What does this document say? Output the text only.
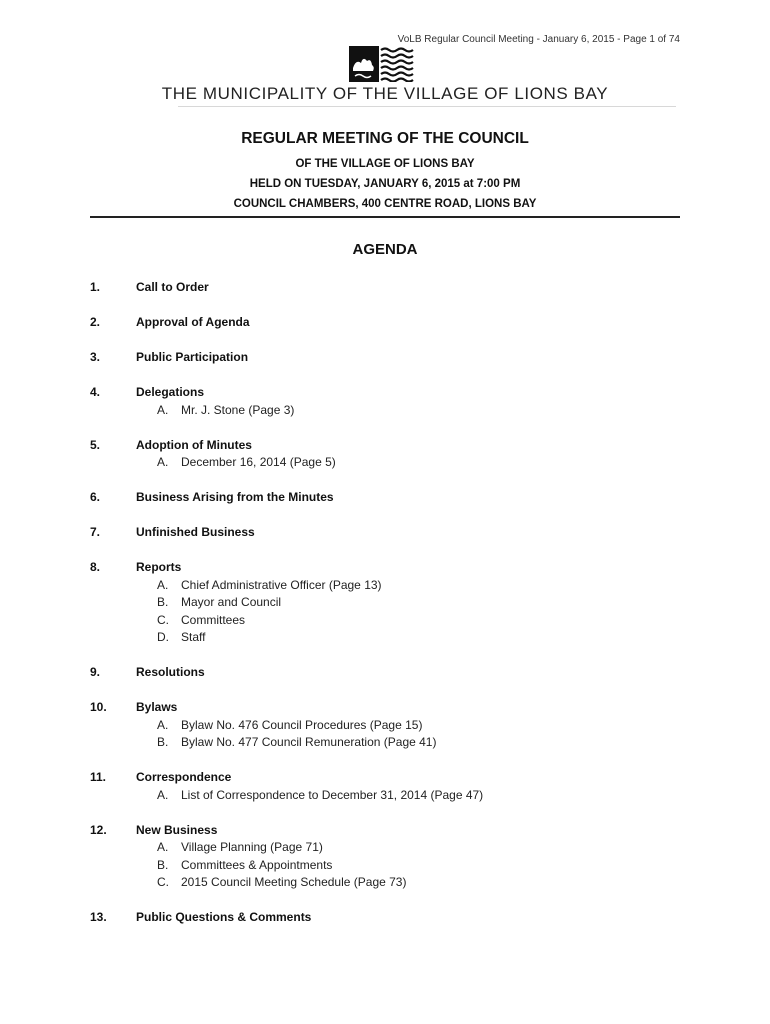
VoLB Regular Council Meeting - January 6, 2015 - Page 1 of 74
THE MUNICIPALITY OF THE VILLAGE OF LIONS BAY
REGULAR MEETING OF THE COUNCIL
OF THE VILLAGE OF LIONS BAY
HELD ON TUESDAY, JANUARY 6, 2015 at 7:00 PM
COUNCIL CHAMBERS, 400 CENTRE ROAD, LIONS BAY
AGENDA
1.	Call to Order
2.	Approval of Agenda
3.	Public Participation
4.	Delegations
A.	Mr. J. Stone (Page 3)
5.	Adoption of Minutes
A.	December 16, 2014 (Page 5)
6.	Business Arising from the Minutes
7.	Unfinished Business
8.	Reports
A.	Chief Administrative Officer (Page 13)
B.	Mayor and Council
C.	Committees
D.	Staff
9.	Resolutions
10.	Bylaws
A.	Bylaw No. 476 Council Procedures (Page 15)
B.	Bylaw No. 477 Council Remuneration (Page 41)
11.	Correspondence
A.	List of Correspondence to December 31, 2014 (Page 47)
12.	New Business
A.	Village Planning (Page 71)
B.	Committees & Appointments
C.	2015 Council Meeting Schedule (Page 73)
13.	Public Questions & Comments
